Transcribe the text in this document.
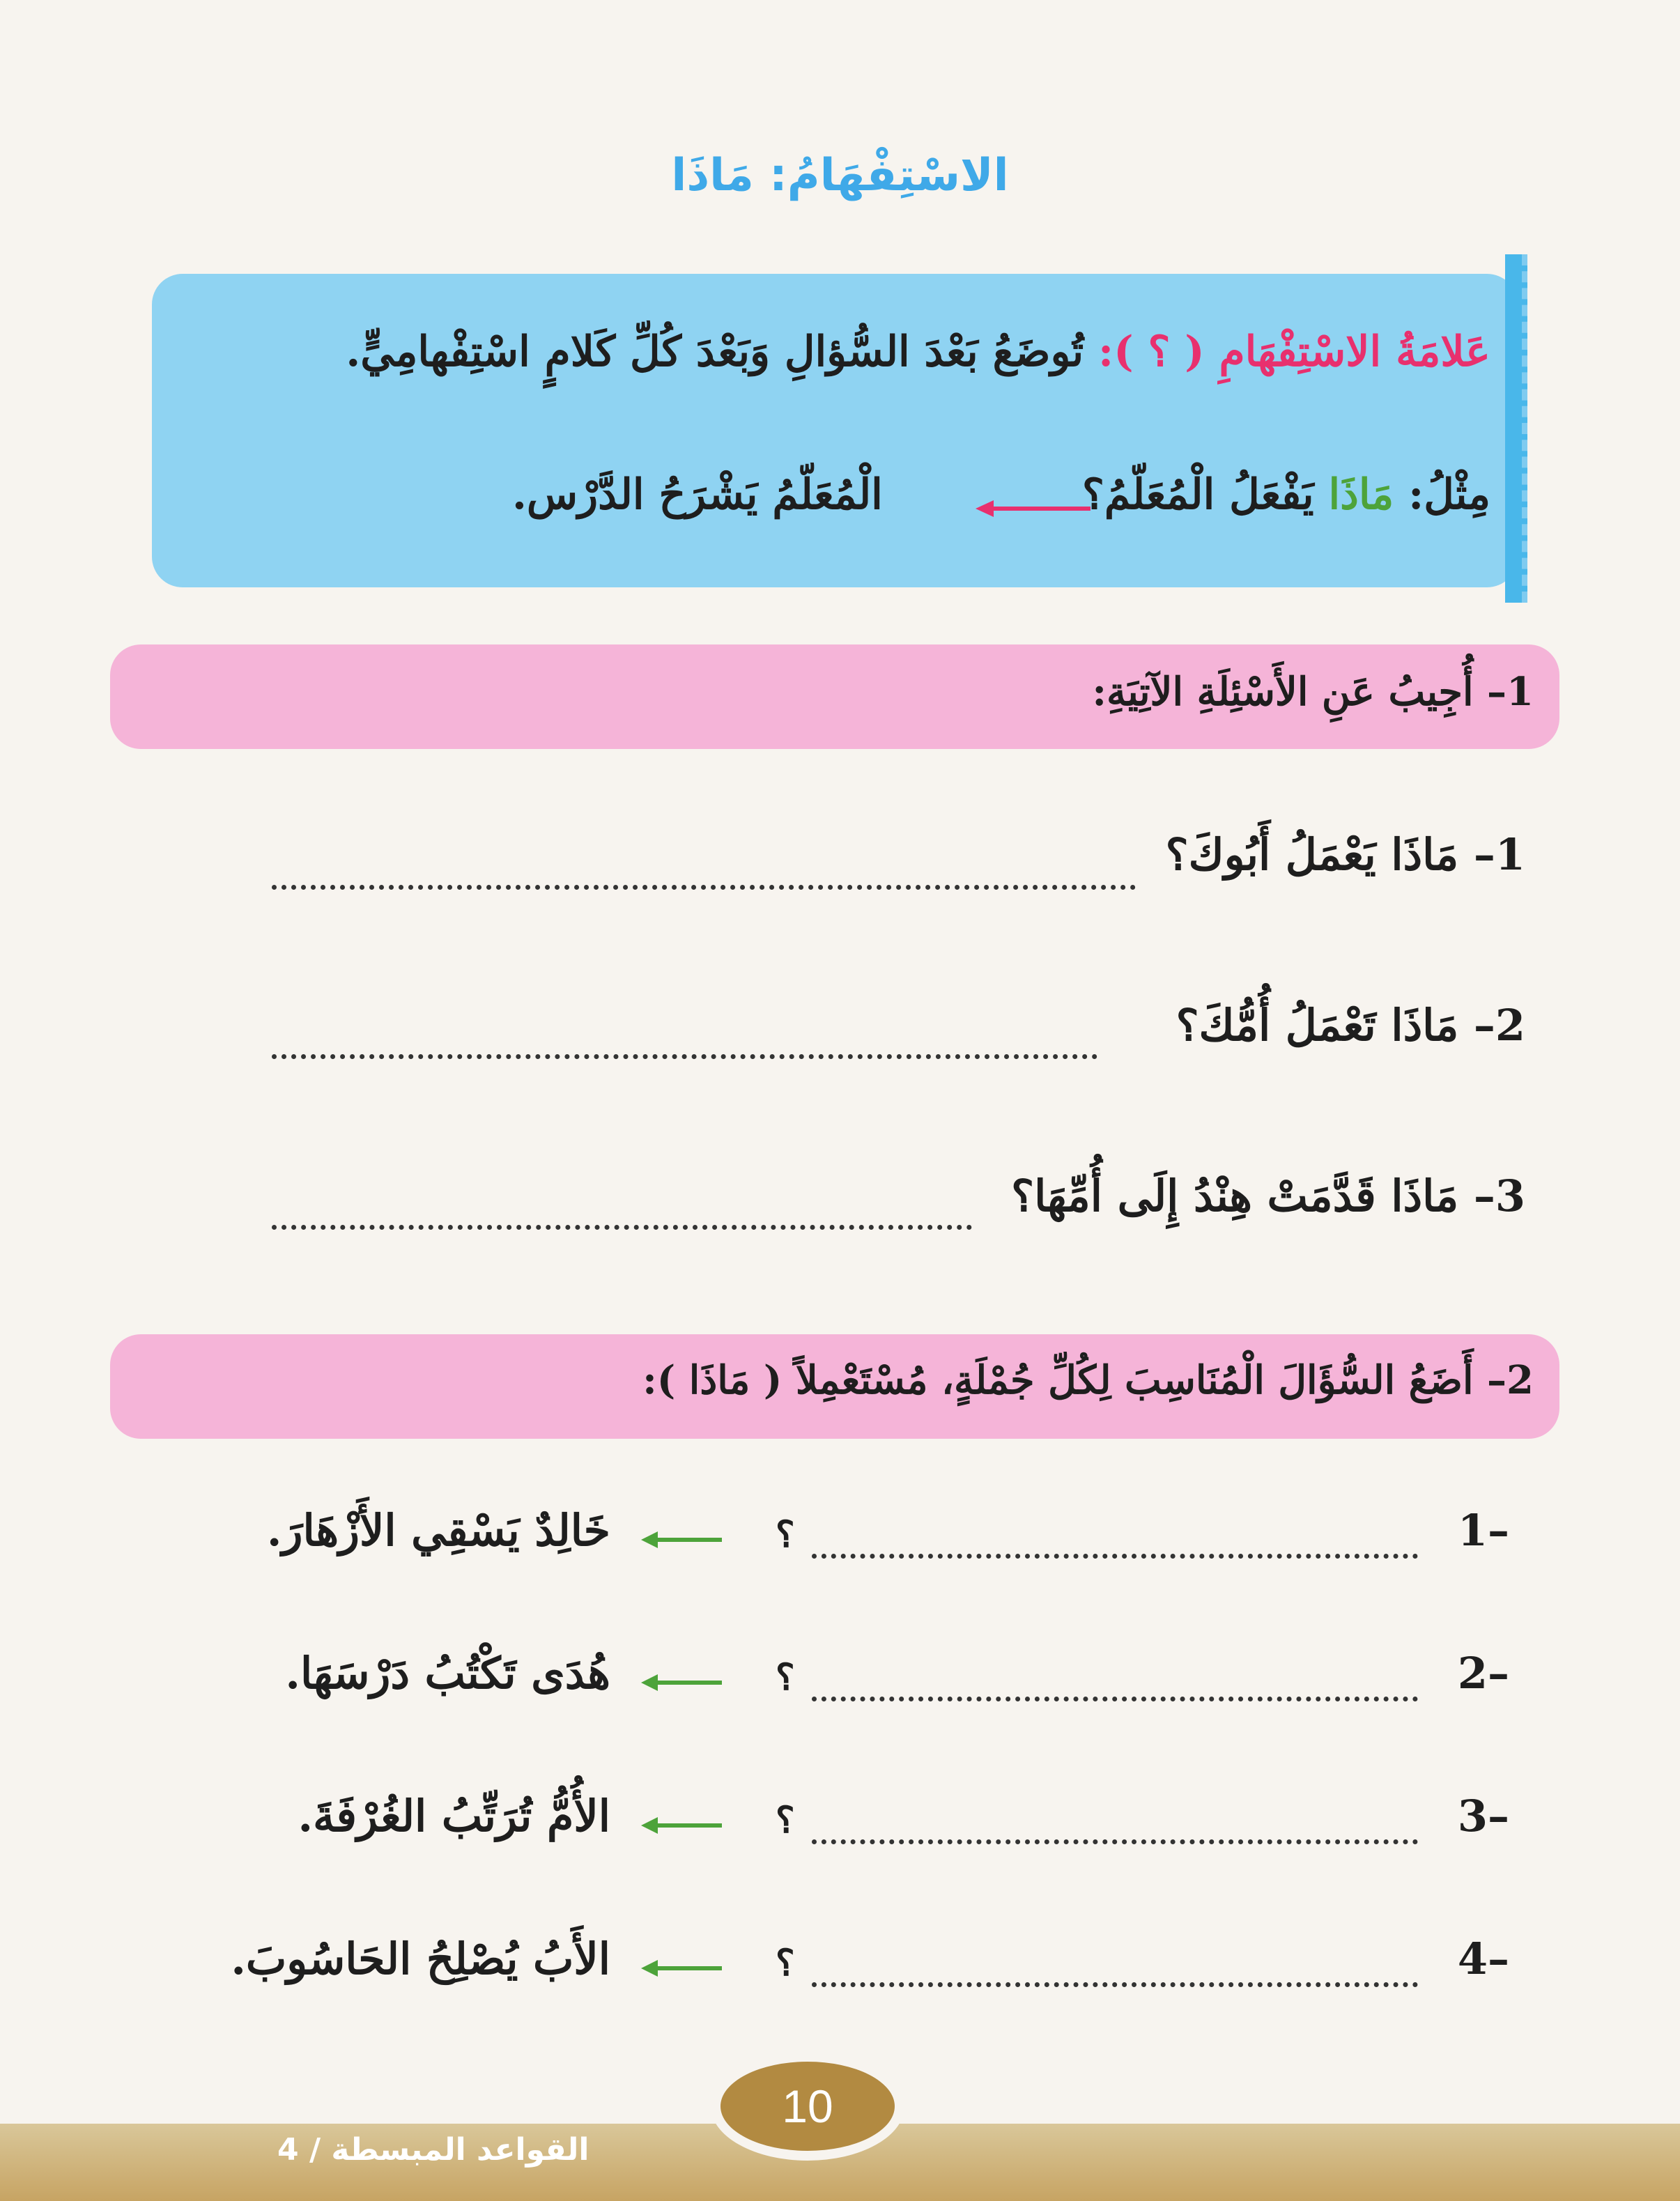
الاسْتِفْهَامُ: مَاذَا
عَلامَةُ الاسْتِفْهَامِ ( ؟ ): تُوضَعُ بَعْدَ السُّؤالِ وَبَعْدَ كُلِّ كَلامٍ اسْتِفْهامِيٍّ.
مِثْلُ: مَاذَا يَفْعَلُ الْمُعَلّمُ؟
الْمُعَلّمُ يَشْرَحُ الدَّرْس.
1– أُجِيبُ عَنِ الأَسْئِلَةِ الآتِيَةِ:
1– مَاذَا يَعْمَلُ أَبُوكَ؟
2– مَاذَا تَعْمَلُ أُمُّكَ؟
3– مَاذَا قَدَّمَتْ هِنْدُ إِلَى أُمِّهَا؟
2– أَضَعُ السُّؤَالَ الْمُنَاسِبَ لِكُلِّ جُمْلَةٍ، مُسْتَعْمِلاً ( مَاذَا ):
1–
؟
خَالِدٌ يَسْقِي الأَزْهَارَ.
2–
؟
هُدَى تَكْتُبُ دَرْسَهَا.
3–
؟
الأُمُّ تُرَتِّبُ الغُرْفَةَ.
4–
؟
الأَبُ يُصْلِحُ الحَاسُوبَ.
القواعد المبسطة / 4
10
